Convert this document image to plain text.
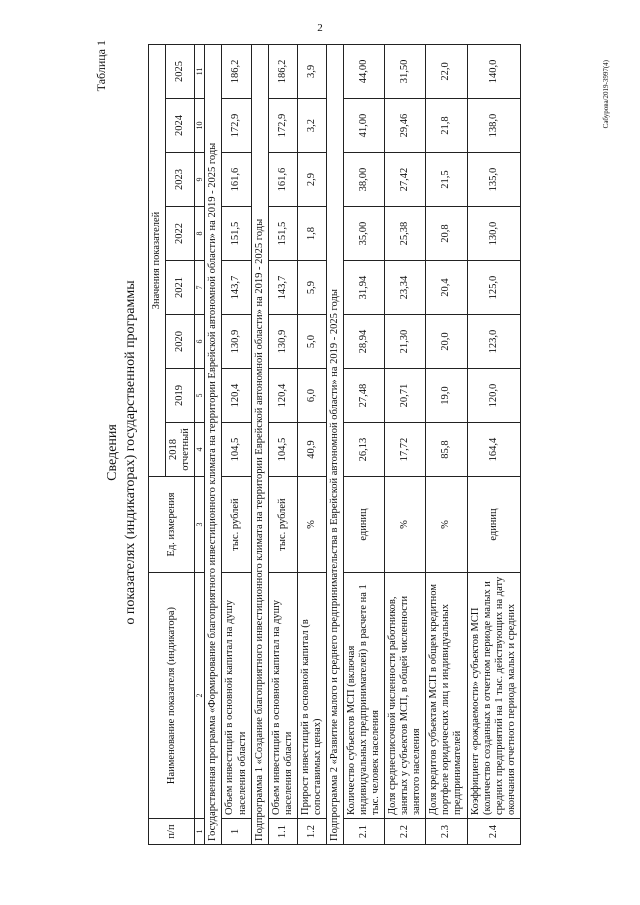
2
Таблица 1
Сведения о показателях (индикаторах) государственной программы
п/п	Наименование показателя (индикатора)	Ед. измерения	Значения показателей							
			2018 отчетный	2019	2020	2021	2022	2023	2024	2025
1	2	3	4	5	6	7	8	9	10	11
Государственная программа «Формирование благоприятного инвестиционного климата на территории Еврейской автономной области» на 2019 - 2025 годы										
1	Объем инвестиций в основной капитал на душу населения области	тыс. рублей	104,5	120,4	130,9	143,7	151,5	161,6	172,9	186,2
Подпрограмма 1 «Создание благоприятного инвестиционного климата на территории Еврейской автономной области» на 2019 - 2025 годы										
1.1	Объем инвестиций в основной капитал на душу населения области	тыс. рублей	104,5	120,4	130,9	143,7	151,5	161,6	172,9	186,2
1.2	Прирост инвестиций в основной капитал (в сопоставимых ценах)	%	40,9	6,0	5,0	5,9	1,8	2,9	3,2	3,9
Подпрограмма 2 «Развитие малого и среднего предпринимательства в Еврейской автономной области» на 2019 - 2025 годы										
2.1	Количество субъектов МСП (включая индивидуальных предпринимателей) в расчете на 1 тыс. человек населения	единиц	26,13	27,48	28,94	31,94	35,00	38,00	41,00	44,00
2.2	Доля среднесписочной численности работников, занятых у субъектов МСП, в общей численности занятого населения	%	17,72	20,71	21,30	23,34	25,38	27,42	29,46	31,50
2.3	Доля кредитов субъектам МСП в общем кредитном портфеле юридических лиц и индивидуальных предпринимателей	%	85,8	19,0	20,0	20,4	20,8	21,5	21,8	22,0
2.4	Коэффициент «рождаемости» субъектов МСП (количество созданных в отчетном периоде малых и средних предприятий на 1 тыс. действующих на дату окончания отчетного периода малых и средних	единиц	164,4	120,0	123,0	125,0	130,0	135,0	138,0	140,0	Сабурова/2019-3997(4)
